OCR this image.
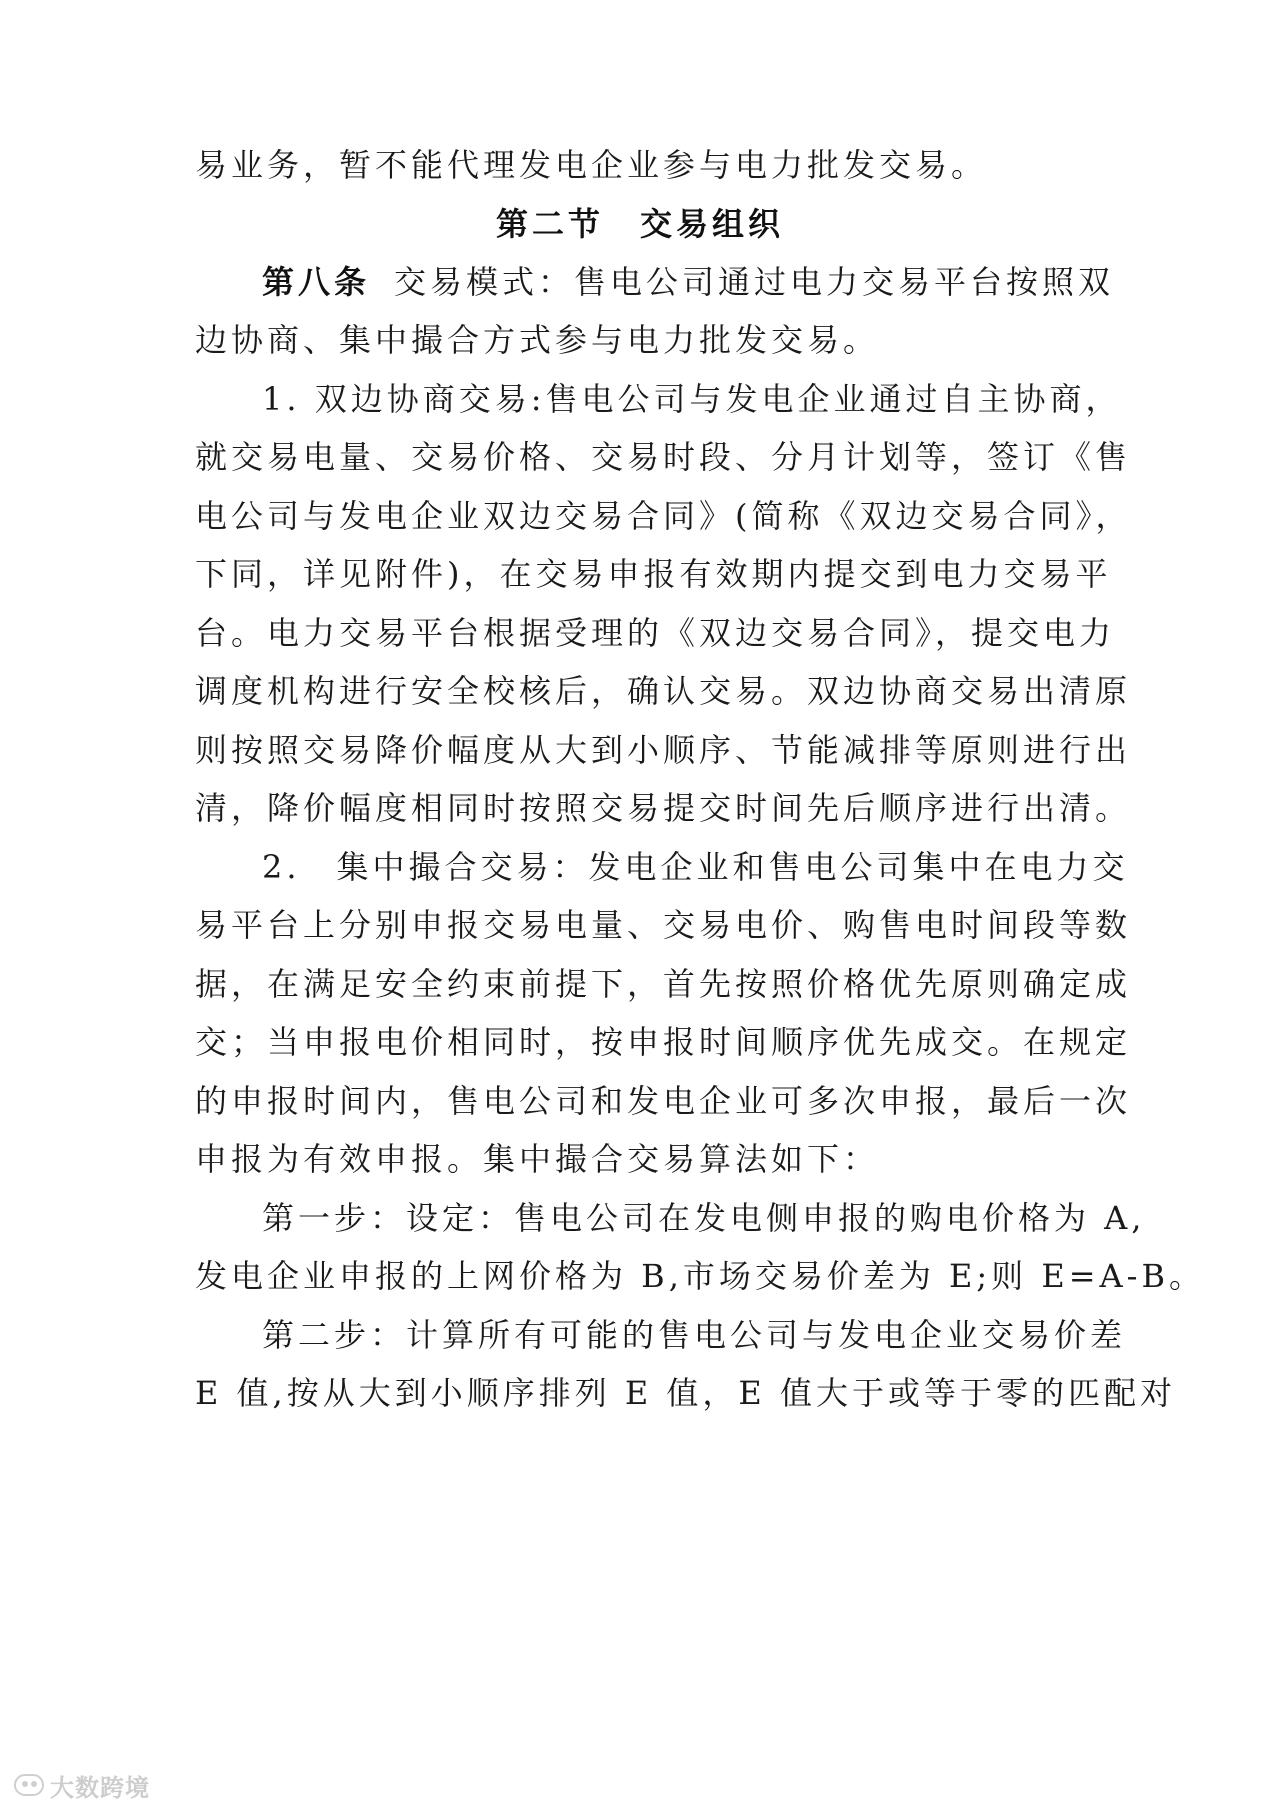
易业务，暂不能代理发电企业参与电力批发交易。
第二节　交易组织
第八条 交易模式：售电公司通过电力交易平台按照双
边协商、集中撮合方式参与电力批发交易。
1. 双边协商交易:售电公司与发电企业通过自主协商，
就交易电量、交易价格、交易时段、分月计划等，签订《售
电公司与发电企业双边交易合同》(简称《双边交易合同》，
下同，详见附件)，在交易申报有效期内提交到电力交易平
台。电力交易平台根据受理的《双边交易合同》，提交电力
调度机构进行安全校核后，确认交易。双边协商交易出清原
则按照交易降价幅度从大到小顺序、节能减排等原则进行出
清，降价幅度相同时按照交易提交时间先后顺序进行出清。
2.　集中撮合交易：发电企业和售电公司集中在电力交
易平台上分别申报交易电量、交易电价、购售电时间段等数
据，在满足安全约束前提下，首先按照价格优先原则确定成
交；当申报电价相同时，按申报时间顺序优先成交。在规定
的申报时间内，售电公司和发电企业可多次申报，最后一次
申报为有效申报。集中撮合交易算法如下：
第一步：设定：售电公司在发电侧申报的购电价格为 A,
发电企业申报的上网价格为 B,市场交易价差为 E;则 E=A-B。
第二步：计算所有可能的售电公司与发电企业交易价差
E 值,按从大到小顺序排列 E 值，E 值大于或等于零的匹配对
大数跨境
